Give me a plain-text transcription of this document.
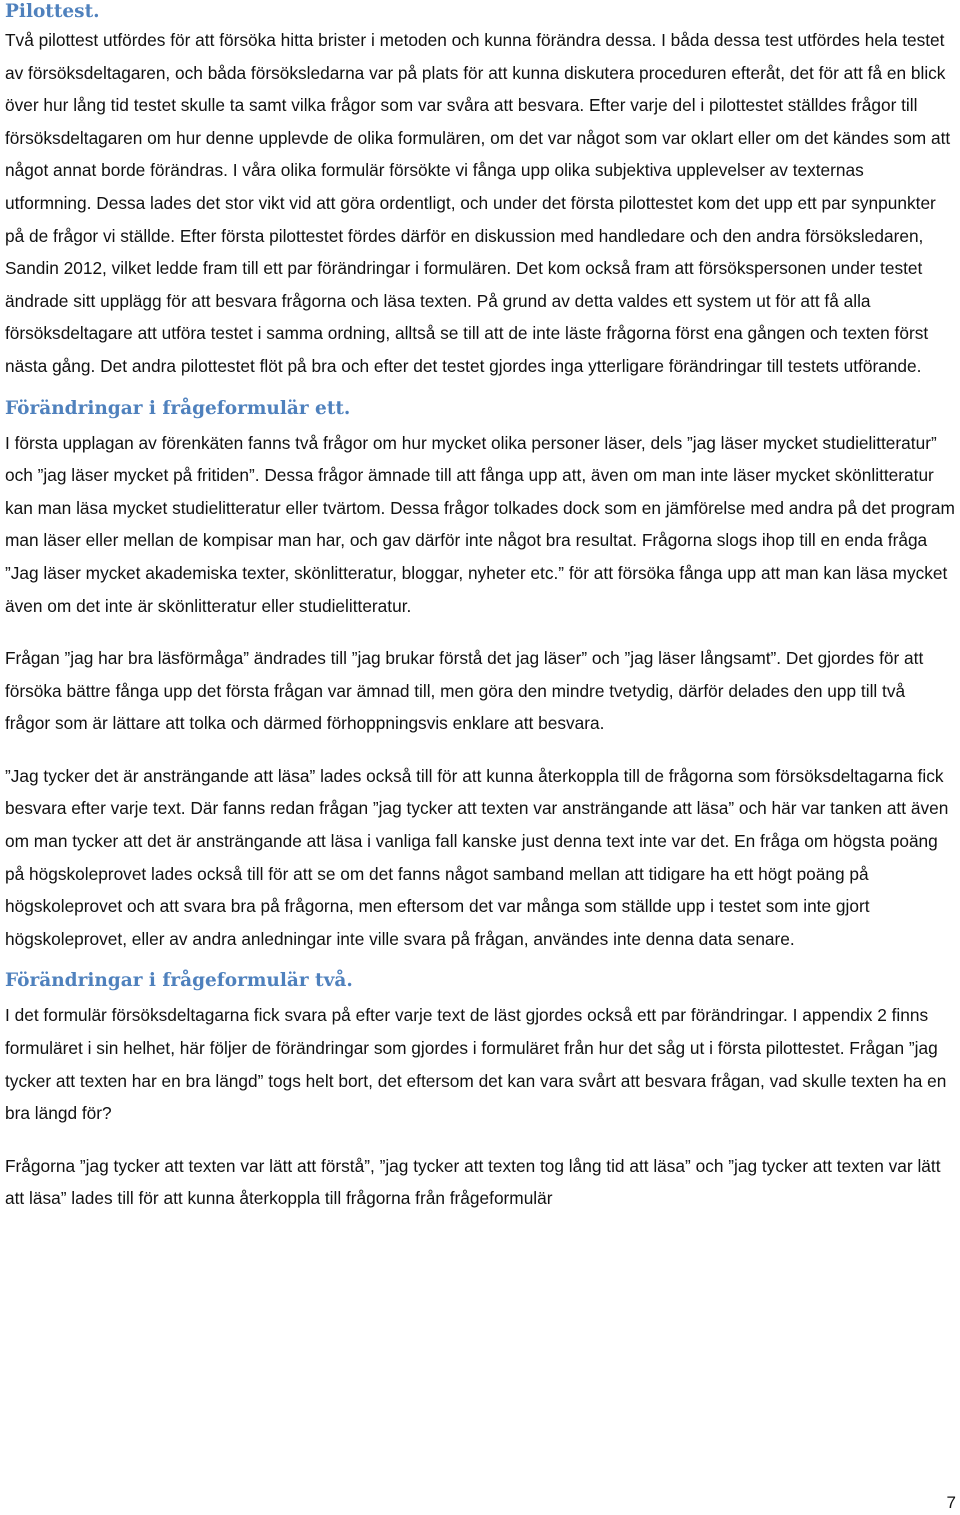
Pilottest.

Två pilottest utfördes för att försöka hitta brister i metoden och kunna förändra dessa. I båda dessa test utfördes hela testet av försöksdeltagaren, och båda försöksledarna var på plats för att kunna diskutera proceduren efteråt, det för att få en blick över hur lång tid testet skulle ta samt vilka frågor som var svåra att besvara. Efter varje del i pilottestet ställdes frågor till försöksdeltagaren om hur denne upplevde de olika formulären, om det var något som var oklart eller om det kändes som att något annat borde förändras. I våra olika formulär försökte vi fånga upp olika subjektiva upplevelser av texternas utformning. Dessa lades det stor vikt vid att göra ordentligt, och under det första pilottestet kom det upp ett par synpunkter på de frågor vi ställde. Efter första pilottestet fördes därför en diskussion med handledare och den andra försöksledaren, Sandin 2012, vilket ledde fram till ett par förändringar i formulären. Det kom också fram att försökspersonen under testet ändrade sitt upplägg för att besvara frågorna och läsa texten. På grund av detta valdes ett system ut för att få alla försöksdeltagare att utföra testet i samma ordning, alltså se till att de inte läste frågorna först ena gången och texten först nästa gång. Det andra pilottestet flöt på bra och efter det testet gjordes inga ytterligare förändringar till testets utförande.

Förändringar i frågeformulär ett.

I första upplagan av förenkäten fanns två frågor om hur mycket olika personer läser, dels ”jag läser mycket studielitteratur” och ”jag läser mycket på fritiden”. Dessa frågor ämnade till att fånga upp att, även om man inte läser mycket skönlitteratur kan man läsa mycket studielitteratur eller tvärtom. Dessa frågor tolkades dock som en jämförelse med andra på det program man läser eller mellan de kompisar man har, och gav därför inte något bra resultat. Frågorna slogs ihop till en enda fråga ”Jag läser mycket akademiska texter, skönlitteratur, bloggar, nyheter etc.” för att försöka fånga upp att man kan läsa mycket även om det inte är skönlitteratur eller studielitteratur.

Frågan ”jag har bra läsförmåga” ändrades till ”jag brukar förstå det jag läser” och ”jag läser långsamt”. Det gjordes för att försöka bättre fånga upp det första frågan var ämnad till, men göra den mindre tvetydig, därför delades den upp till två frågor som är lättare att tolka och därmed förhoppningsvis enklare att besvara.

”Jag tycker det är ansträngande att läsa” lades också till för att kunna återkoppla till de frågorna som försöksdeltagarna fick besvara efter varje text. Där fanns redan frågan ”jag tycker att texten var ansträngande att läsa” och här var tanken att även om man tycker att det är ansträngande att läsa i vanliga fall kanske just denna text inte var det. En fråga om högsta poäng på högskoleprovet lades också till för att se om det fanns något samband mellan att tidigare ha ett högt poäng på högskoleprovet och att svara bra på frågorna, men eftersom det var många som ställde upp i testet som inte gjort högskoleprovet, eller av andra anledningar inte ville svara på frågan, användes inte denna data senare.

Förändringar i frågeformulär två.

I det formulär försöksdeltagarna fick svara på efter varje text de läst gjordes också ett par förändringar. I appendix 2 finns formuläret i sin helhet, här följer de förändringar som gjordes i formuläret från hur det såg ut i första pilottestet. Frågan ”jag tycker att texten har en bra längd” togs helt bort, det eftersom det kan vara svårt att besvara frågan, vad skulle texten ha en bra längd för?

Frågorna ”jag tycker att texten var lätt att förstå”, ”jag tycker att texten tog lång tid att läsa” och ”jag tycker att texten var lätt att läsa” lades till för att kunna återkoppla till frågorna från frågeformulär

7
